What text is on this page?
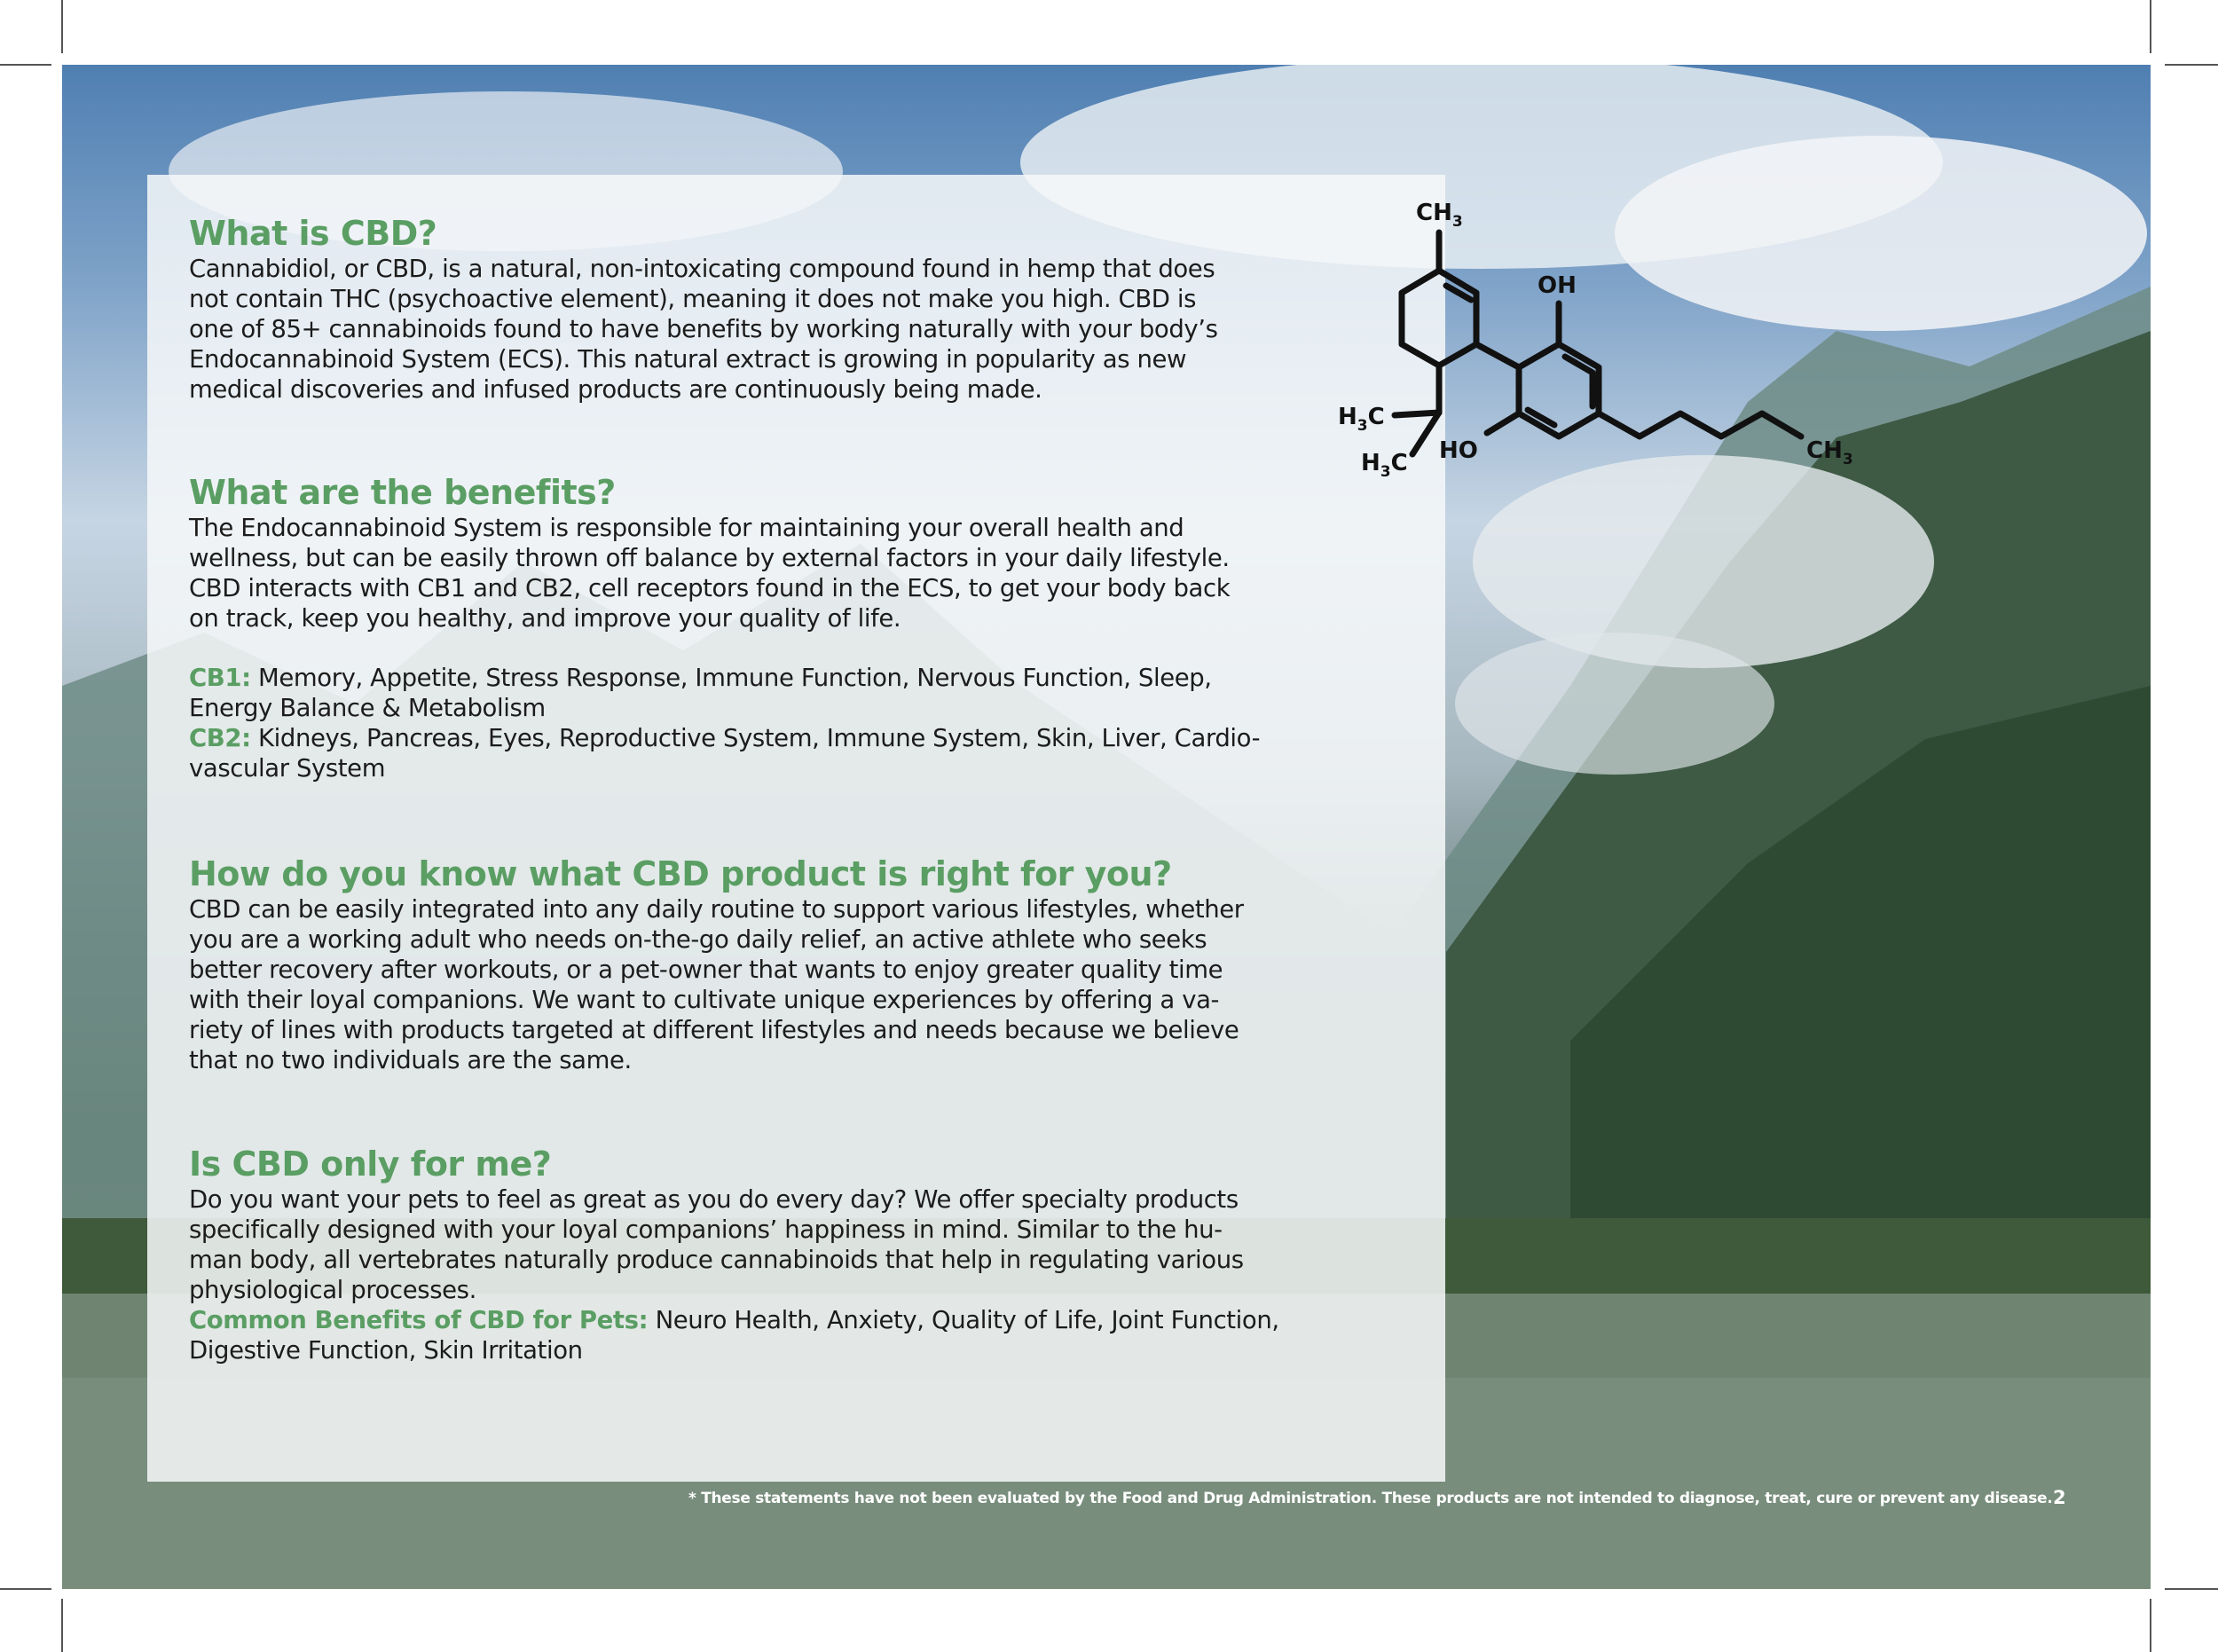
What is CBD?

Cannabidiol, or CBD, is a natural, non-intoxicating compound found in hemp that does
not contain THC (psychoactive element), meaning it does not make you high. CBD is
one of 85+ cannabinoids found to have benefits by working naturally with your body’s
Endocannabinoid System (ECS). This natural extract is growing in popularity as new
medical discoveries and infused products are continuously being made.

What are the benefits?

The Endocannabinoid System is responsible for maintaining your overall health and
wellness, but can be easily thrown off balance by external factors in your daily lifestyle.
CBD interacts with CB1 and CB2, cell receptors found in the ECS, to get your body back
on track, keep you healthy, and improve your quality of life.

CB1: Memory, Appetite, Stress Response, Immune Function, Nervous Function, Sleep,
Energy Balance & Metabolism

CB2: Kidneys, Pancreas, Eyes, Reproductive System, Immune System, Skin, Liver, Cardio-
vascular System

How do you know what CBD product is right for you?

CBD can be easily integrated into any daily routine to support various lifestyles, whether
you are a working adult who needs on-the-go daily relief, an active athlete who seeks
better recovery after workouts, or a pet-owner that wants to enjoy greater quality time
with their loyal companions. We want to cultivate unique experiences by offering a va-
riety of lines with products targeted at different lifestyles and needs because we believe
that no two individuals are the same.

Is CBD only for me?

Do you want your pets to feel as great as you do every day? We offer specialty products
specifically designed with your loyal companions’ happiness in mind. Similar to the hu-
man body, all vertebrates naturally produce cannabinoids that help in regulating various
physiological processes.

Common Benefits of CBD for Pets: Neuro Health, Anxiety, Quality of Life, Joint Function,
Digestive Function, Skin Irritation

$CH_3$
OH
HO
$H_3C$
$H_3C$	$CH_3$
* These statements have not been evaluated by the Food and Drug Administration. These products are not intended to diagnose, treat, cure or prevent any disease. 2
